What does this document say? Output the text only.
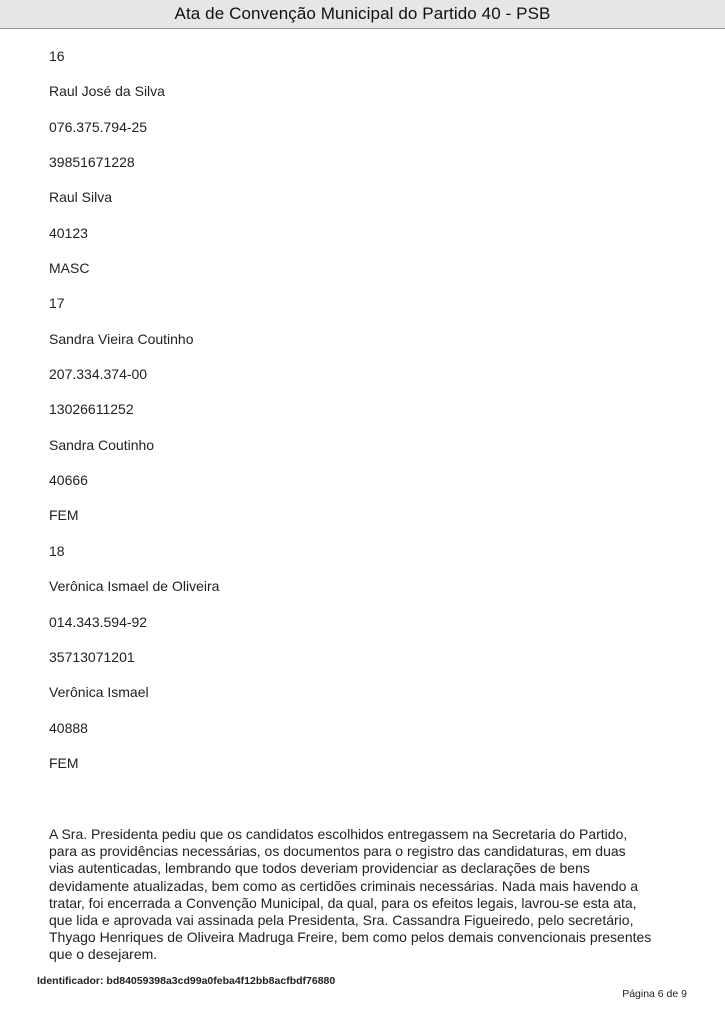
Ata de Convenção Municipal do Partido 40 - PSB
16
Raul José da Silva
076.375.794-25
39851671228
Raul Silva
40123
MASC
17
Sandra Vieira Coutinho
207.334.374-00
13026611252
Sandra Coutinho
40666
FEM
18
Verônica Ismael de Oliveira
014.343.594-92
35713071201
Verônica Ismael
40888
FEM

A Sra. Presidenta pediu que os candidatos escolhidos entregassem na Secretaria do Partido,

para as providências necessárias, os documentos para o registro das candidaturas, em duas

vias autenticadas, lembrando que todos deveriam providenciar as declarações de bens

devidamente atualizadas, bem como as certidões criminais necessárias. Nada mais havendo a

tratar, foi encerrada a Convenção Municipal, da qual, para os efeitos legais, lavrou-se esta ata,

que lida e aprovada vai assinada pela Presidenta, Sra. Cassandra Figueiredo, pelo secretário,

Thyago Henriques de Oliveira Madruga Freire, bem como pelos demais convencionais presentes

que o desejarem.

Identificador: bd84059398a3cd99a0feba4f12bb8acfbdf76880
Página 6 de 9
